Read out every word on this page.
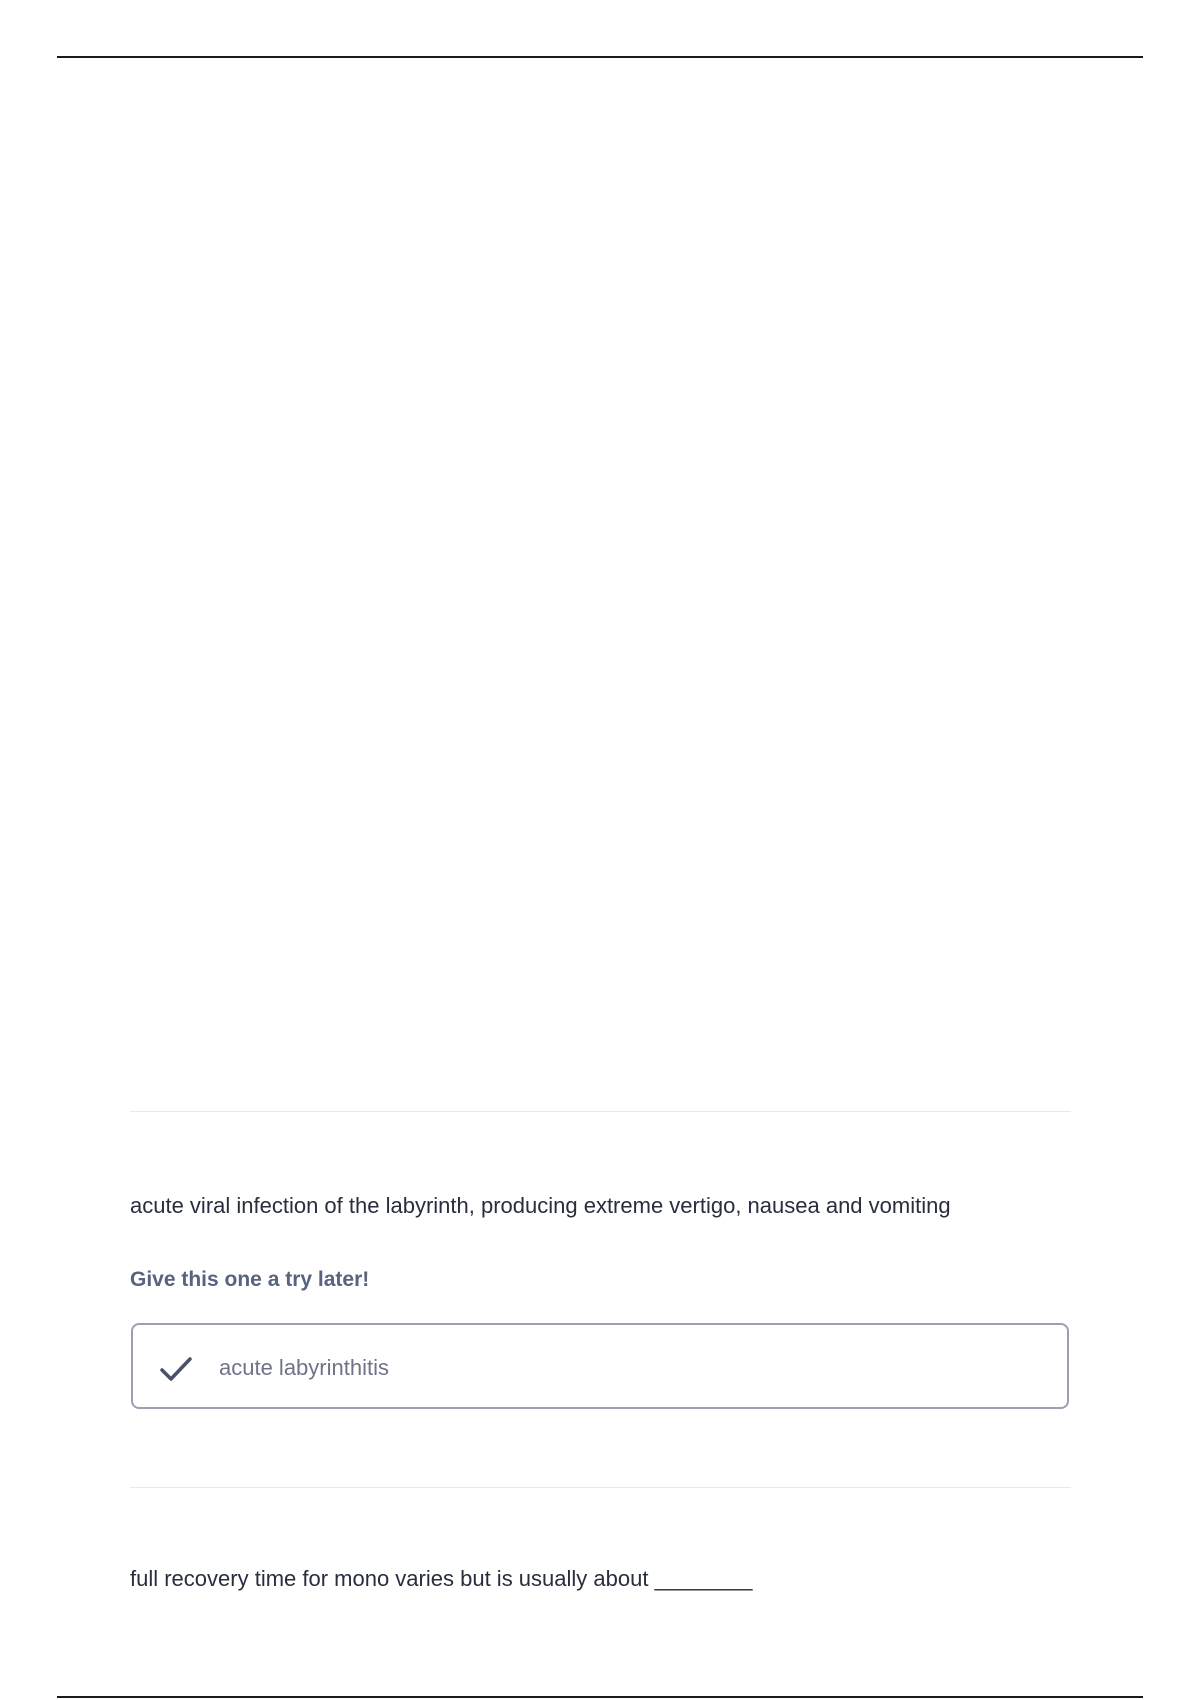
acute viral infection of the labyrinth, producing extreme vertigo, nausea and vomiting
Give this one a try later!
acute labyrinthitis
full recovery time for mono varies but is usually about ________
